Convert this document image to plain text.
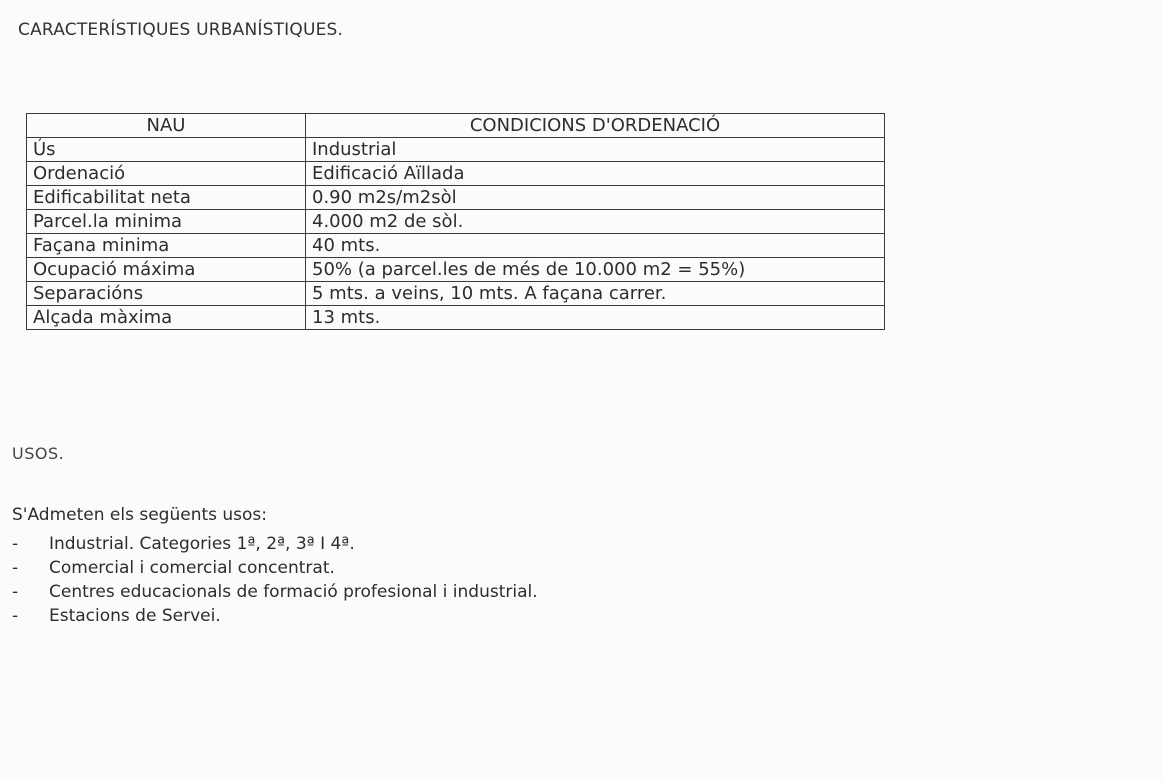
CARACTERÍSTIQUES URBANÍSTIQUES.
NAU	CONDICIONS D'ORDENACIÓ
Ús	Industrial
Ordenació	Edificació Aïllada
Edificabilitat neta	0.90 m2s/m2sòl
Parcel.la minima	4.000 m2 de sòl.
Façana minima	40 mts.
Ocupació máxima	50% (a parcel.les de més de 10.000 m2 = 55%)
Separacións	5 mts. a veins, 10 mts. A façana carrer.
Alçada màxima	13 mts.
USOS.
S'Admeten els següents usos:
- Industrial. Categories 1ª, 2ª, 3ª I 4ª.
- Comercial i comercial concentrat.
- Centres educacionals de formació profesional i industrial.
- Estacions de Servei.
